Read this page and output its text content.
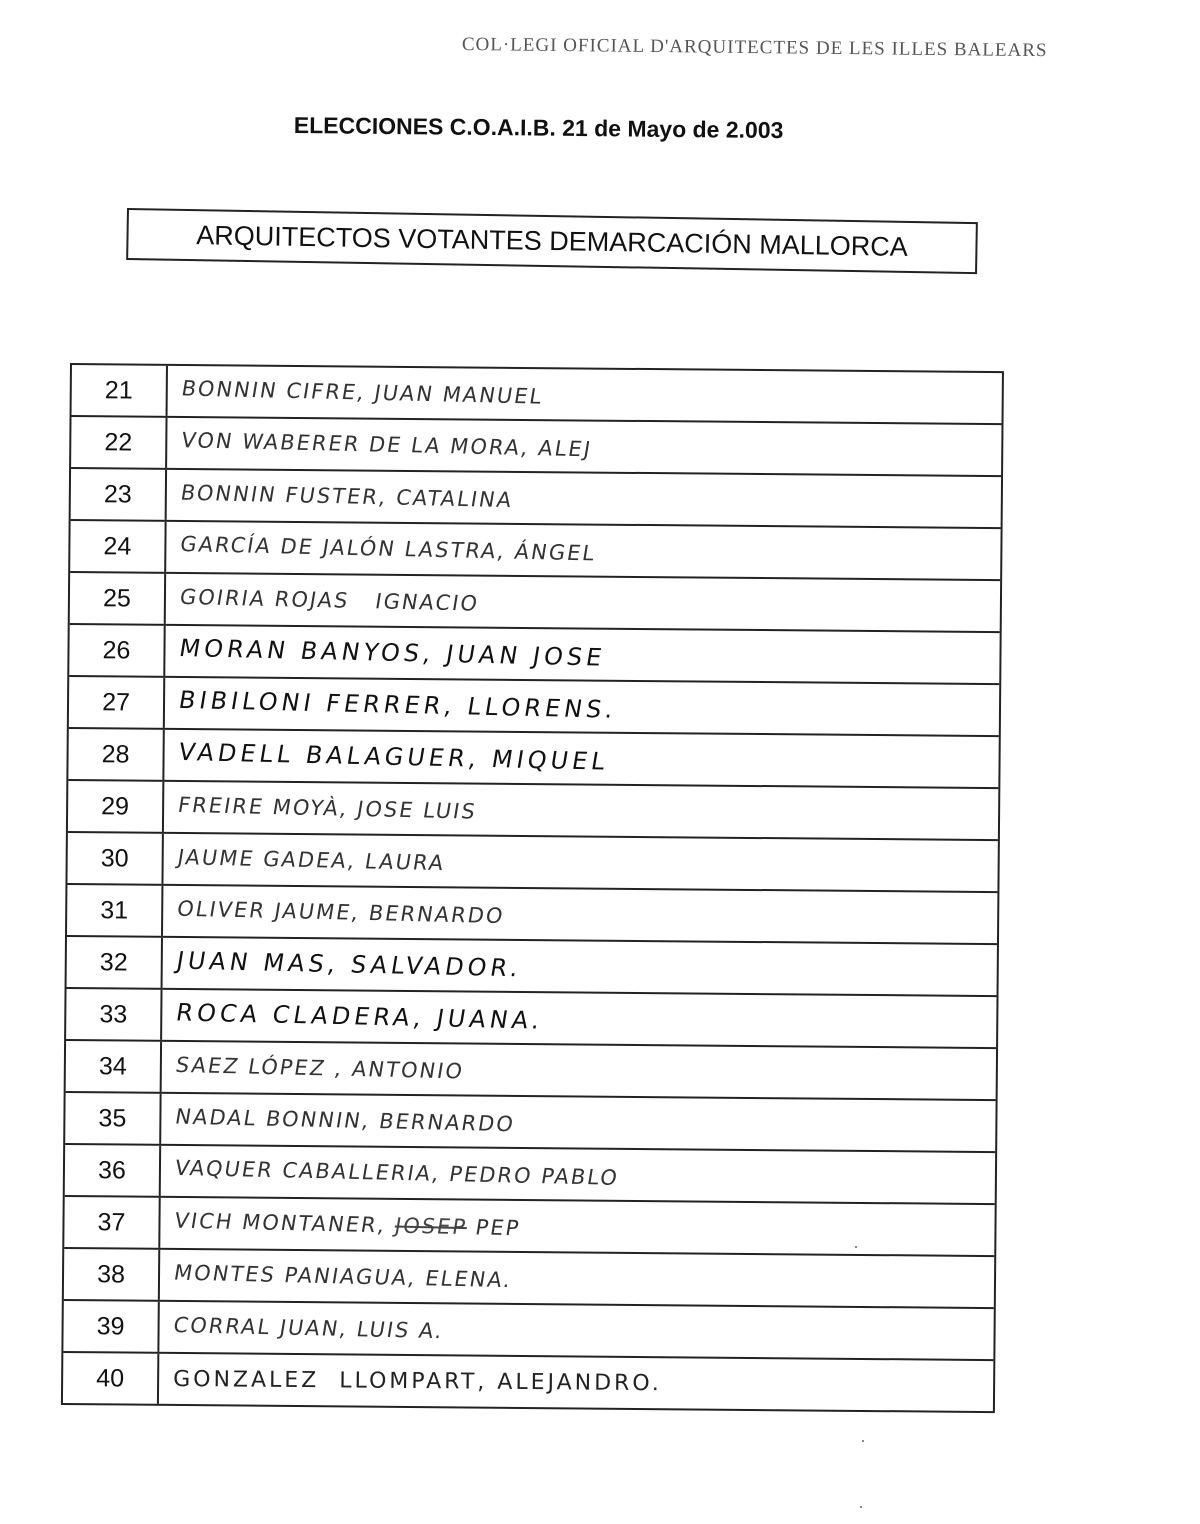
COL·LEGI OFICIAL D'ARQUITECTES DE LES ILLES BALEARS
ELECCIONES C.O.A.I.B. 21 de Mayo de 2.003
ARQUITECTOS VOTANTES DEMARCACIÓN MALLORCA
21	BONNIN CIFRE, JUAN MANUEL
22	VON WABERER DE LA MORA, ALEJ
23	BONNIN FUSTER, CATALINA
24	GARCÍA DE JALÓN LASTRA, ÁNGEL
25	GOIRIA ROJAS   IGNACIO
26	MORAN BANYOS, JUAN JOSE
27	BIBILONI FERRER, LLORENS.
28	VADELL BALAGUER, MIQUEL
29	FREIRE MOYÀ, JOSE LUIS
30	JAUME GADEA, LAURA
31	OLIVER JAUME, BERNARDO
32	JUAN MAS, SALVADOR.
33	ROCA CLADERA, JUANA.
34	SAEZ LÓPEZ , ANTONIO
35	NADAL BONNIN, BERNARDO
36	VAQUER CABALLERIA, PEDRO PABLO
37	VICH MONTANER, JOSEP PEP
38	MONTES PANIAGUA, ELENA.
39	CORRAL JUAN, LUIS A.
40	GONZALEZ  LLOMPART, ALEJANDRO.
